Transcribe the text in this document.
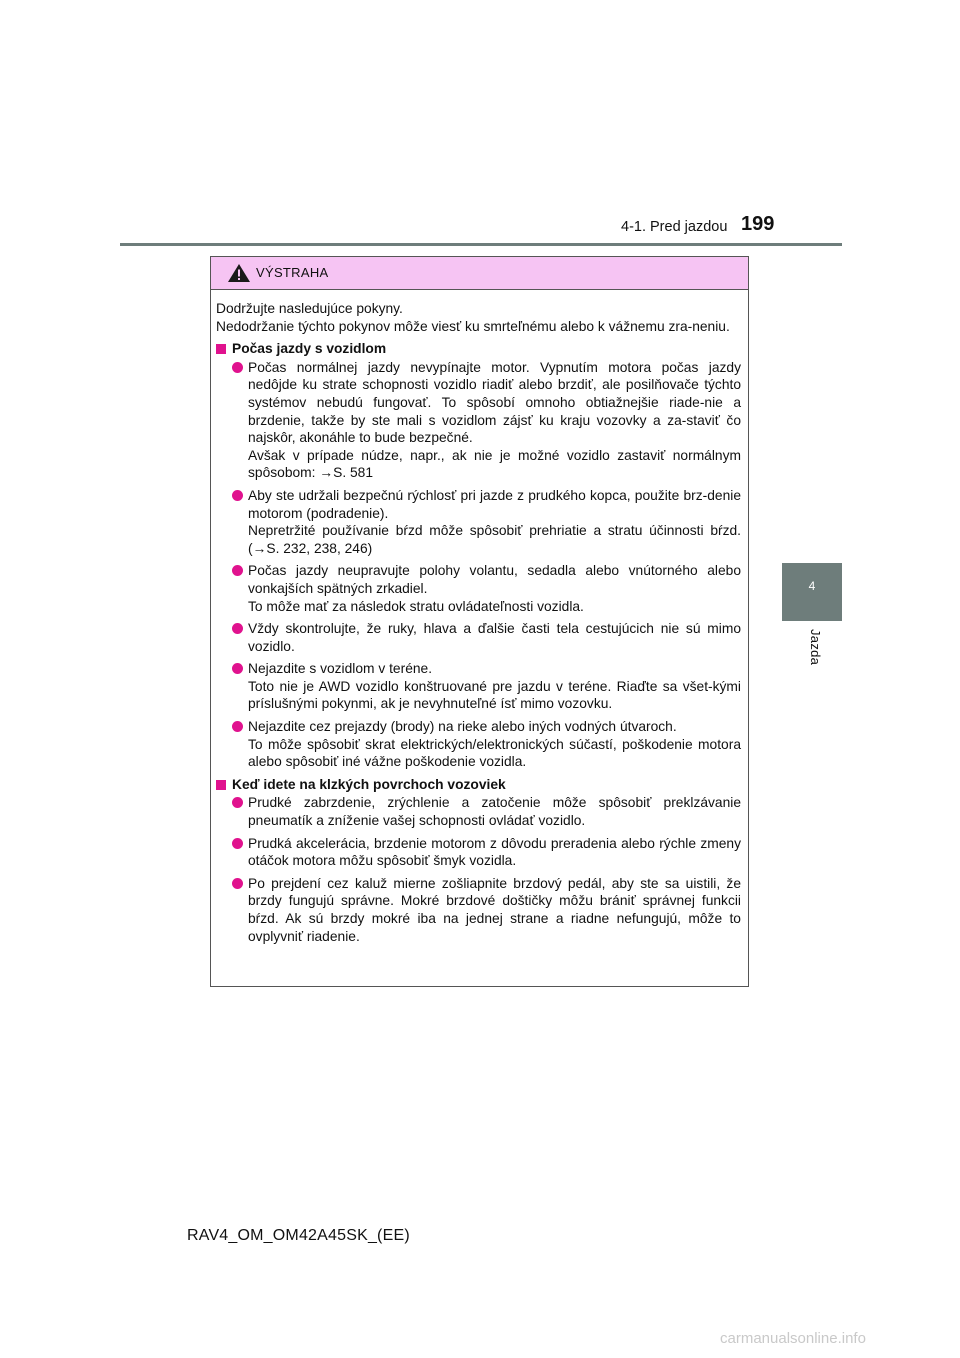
4-1. Pred jazdou 199
4
Jazda
VÝSTRAHA

Dodržujte nasledujúce pokyny.

Nedodržanie týchto pokynov môže viesť ku smrteľnému alebo k vážnemu zra-neniu.

Počas jazdy s vozidlom
Počas normálnej jazdy nevypínajte motor. Vypnutím motora počas jazdy nedôjde ku strate schopnosti vozidlo riadiť alebo brzdiť, ale posilňovače týchto systémov nebudú fungovať. To spôsobí omnoho obtiažnejšie riade-nie a brzdenie, takže by ste mali s vozidlom zájsť ku kraju vozovky a za-staviť čo najskôr, akonáhle to bude bezpečné.
Avšak v prípade núdze, napr., ak nie je možné vozidlo zastaviť normálnym spôsobom: →S. 581
Aby ste udržali bezpečnú rýchlosť pri jazde z prudkého kopca, použite brz-denie motorom (podradenie).
Nepretržité používanie bŕzd môže spôsobiť prehriatie a stratu účinnosti bŕzd. (→S. 232, 238, 246)
Počas jazdy neupravujte polohy volantu, sedadla alebo vnútorného alebo vonkajších spätných zrkadiel.
To môže mať za následok stratu ovládateľnosti vozidla.
Vždy skontrolujte, že ruky, hlava a ďalšie časti tela cestujúcich nie sú mimo vozidlo.
Nejazdite s vozidlom v teréne.
Toto nie je AWD vozidlo konštruované pre jazdu v teréne. Riaďte sa všet-kými príslušnými pokynmi, ak je nevyhnuteľné ísť mimo vozovku.
Nejazdite cez prejazdy (brody) na rieke alebo iných vodných útvaroch.
To môže spôsobiť skrat elektrických/elektronických súčastí, poškodenie motora alebo spôsobiť iné vážne poškodenie vozidla.
Keď idete na klzkých povrchoch vozoviek
Prudké zabrzdenie, zrýchlenie a zatočenie môže spôsobiť preklzávanie pneumatík a zníženie vašej schopnosti ovládať vozidlo.
Prudká akcelerácia, brzdenie motorom z dôvodu preradenia alebo rýchle zmeny otáčok motora môžu spôsobiť šmyk vozidla.
Po prejdení cez kaluž mierne zošliapnite brzdový pedál, aby ste sa uistili, že brzdy fungujú správne. Mokré brzdové doštičky môžu brániť správnej funkcii bŕzd. Ak sú brzdy mokré iba na jednej strane a riadne nefungujú, môže to ovplyvniť riadenie.
RAV4_OM_OM42A45SK_(EE)
carmanualsonline.info
